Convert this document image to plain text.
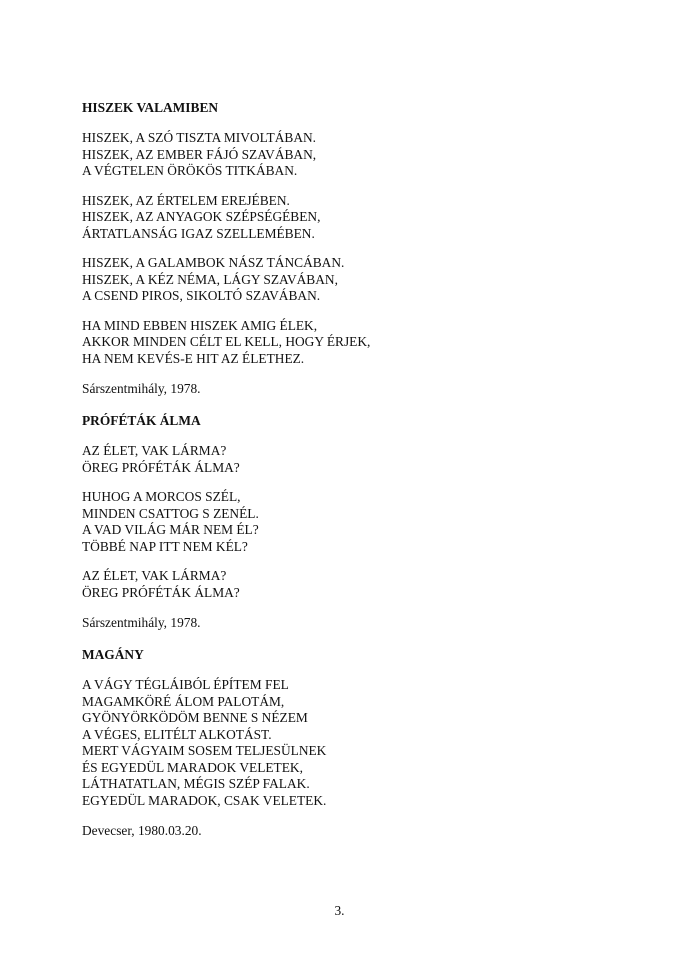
HISZEK VALAMIBEN
HISZEK, A SZÓ TISZTA MIVOLTÁBAN.
HISZEK, AZ EMBER FÁJÓ SZAVÁBAN,
A VÉGTELEN ÖRÖKÖS TITKÁBAN.
HISZEK, AZ ÉRTELEM EREJÉBEN.
HISZEK, AZ ANYAGOK SZÉPSÉGÉBEN,
ÁRTATLANSÁG IGAZ SZELLEMÉBEN.
HISZEK, A GALAMBOK NÁSZ TÁNCÁBAN.
HISZEK, A KÉZ NÉMA, LÁGY SZAVÁBAN,
A CSEND PIROS, SIKOLTÓ SZAVÁBAN.
HA MIND EBBEN HISZEK AMIG ÉLEK,
AKKOR MINDEN CÉLT EL KELL, HOGY ÉRJEK,
HA NEM KEVÉS-E HIT AZ ÉLETHEZ.
Sárszentmihály, 1978.
PRÓFÉTÁK ÁLMA
AZ ÉLET, VAK LÁRMA?
ÖREG PRÓFÉTÁK ÁLMA?
HUHOG A MORCOS SZÉL,
MINDEN CSATTOG S ZENÉL.
A VAD VILÁG MÁR NEM ÉL?
TÖBBÉ NAP ITT NEM KÉL?
AZ ÉLET, VAK LÁRMA?
ÖREG PRÓFÉTÁK ÁLMA?
Sárszentmihály, 1978.
MAGÁNY
A VÁGY TÉGLÁIBÓL ÉPÍTEM FEL
MAGAMKÖRÉ ÁLOM PALOTÁM,
GYÖNYÖRKÖDÖM BENNE S NÉZEM
A VÉGES, ELITÉLT ALKOTÁST.
MERT VÁGYAIM SOSEM TELJESÜLNEK
ÉS EGYEDÜL MARADOK VELETEK,
LÁTHATATLAN, MÉGIS SZÉP FALAK.
EGYEDÜL MARADOK, CSAK VELETEK.
Devecser, 1980.03.20.
3.
